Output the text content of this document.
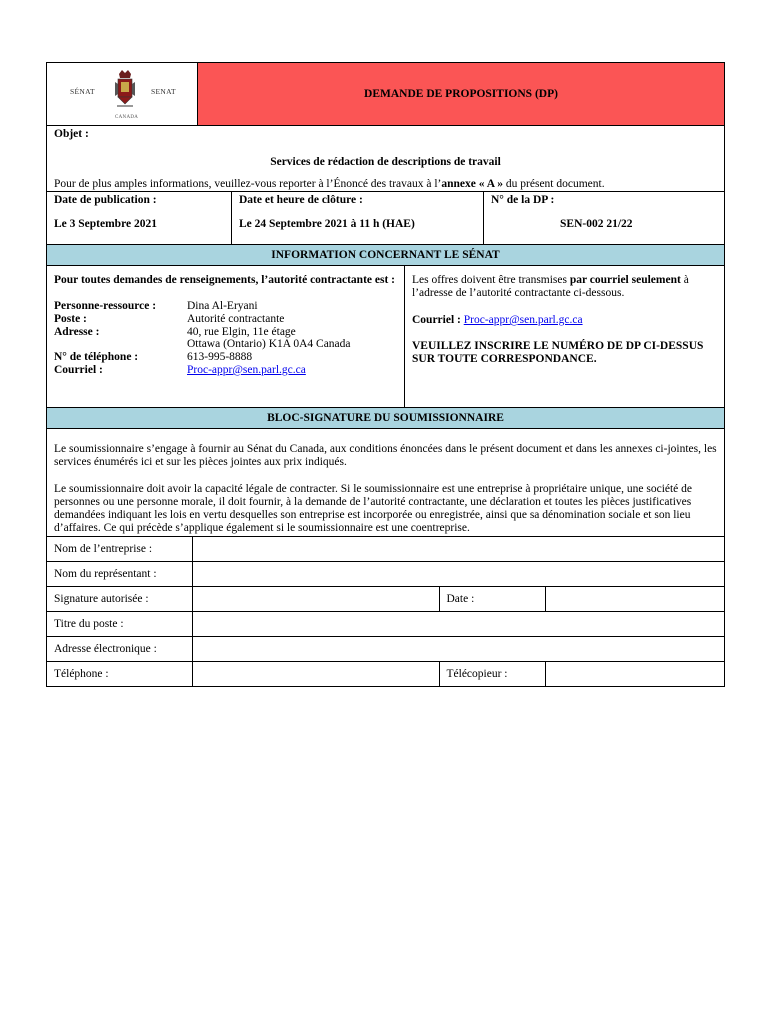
SÉNAT	SENAT
CANADA
DEMANDE DE PROPOSITIONS (DP)
Objet :
Services de rédaction de descriptions de travail
Pour de plus amples informations, veuillez-vous reporter à l’Énoncé des travaux à l’annexe « A » du présent document.
Date de publication :
Le 3 Septembre 2021
Date et heure de clôture :
Le 24 Septembre 2021 à 11 h (HAE)
N° de la DP :
SEN-002 21/22
INFORMATION CONCERNANT LE SÉNAT
Pour toutes demandes de renseignements, l’autorité contractante est :
Personne-ressource :	Dina Al-Eryani
Poste :	Autorité contractante
Adresse :	40, rue Elgin, 11e étage
Ottawa (Ontario) K1A 0A4 Canada
N° de téléphone :	613-995-8888
Courriel :	Proc-appr@sen.parl.gc.ca
Les offres doivent être transmises par courriel seulement à l’adresse de l’autorité contractante ci-dessous.
Courriel : Proc-appr@sen.parl.gc.ca
VEUILLEZ INSCRIRE LE NUMÉRO DE DP CI-DESSUS SUR TOUTE CORRESPONDANCE.
BLOC-SIGNATURE DU SOUMISSIONNAIRE
Le soumissionnaire s’engage à fournir au Sénat du Canada, aux conditions énoncées dans le présent document et dans les annexes ci-jointes, les services énumérés ici et sur les pièces jointes aux prix indiqués.
Le soumissionnaire doit avoir la capacité légale de contracter. Si le soumissionnaire est une entreprise à propriétaire unique, une société de personnes ou une personne morale, il doit fournir, à la demande de l’autorité contractante, une déclaration et toutes les pièces justificatives demandées indiquant les lois en vertu desquelles son entreprise est incorporée ou enregistrée, ainsi que sa dénomination sociale et son lieu d’affaires. Ce qui précède s’applique également si le soumissionnaire est une coentreprise.
Nom de l’entreprise :			
Nom du représentant :			
Signature autorisée :		Date :	
Titre du poste :			
Adresse électronique :			
Téléphone :		Télécopieur :	
